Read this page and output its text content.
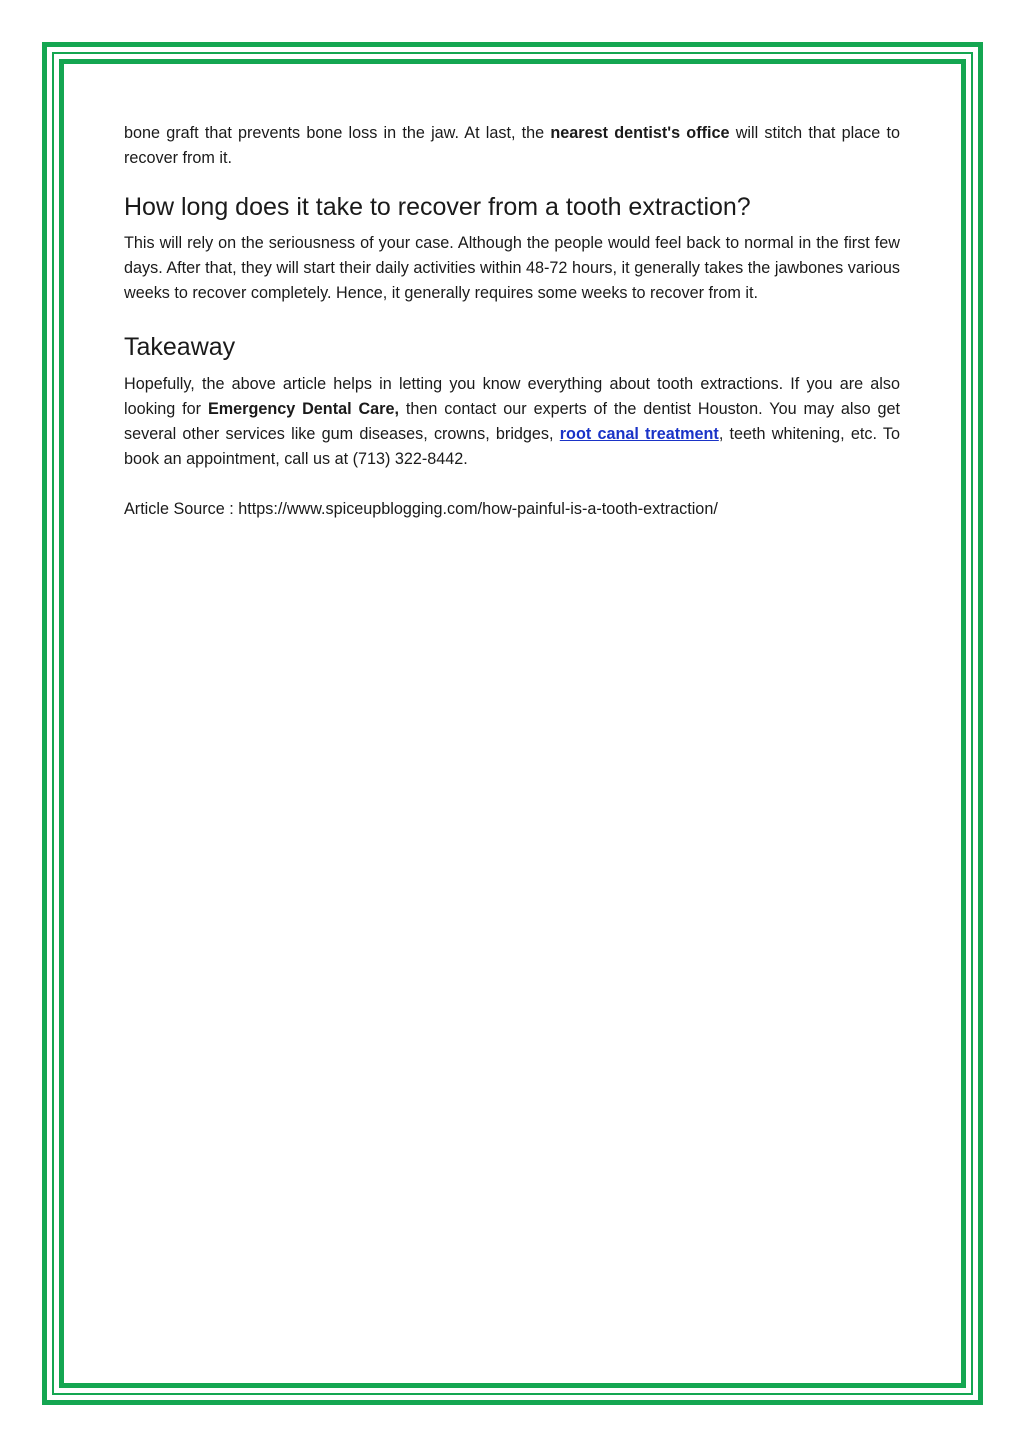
bone graft that prevents bone loss in the jaw. At last, the nearest dentist's office will stitch that place to recover from it.

How long does it take to recover from a tooth extraction?

This will rely on the seriousness of your case. Although the people would feel back to normal in the first few days. After that, they will start their daily activities within 48-72 hours, it generally takes the jawbones various weeks to recover completely. Hence, it generally requires some weeks to recover from it.

Takeaway

Hopefully, the above article helps in letting you know everything about tooth extractions. If you are also looking for Emergency Dental Care, then contact our experts of the dentist Houston. You may also get several other services like gum diseases, crowns, bridges, root canal treatment, teeth whitening, etc. To book an appointment, call us at (713) 322-8442.

Article Source : https://www.spiceupblogging.com/how-painful-is-a-tooth-extraction/
